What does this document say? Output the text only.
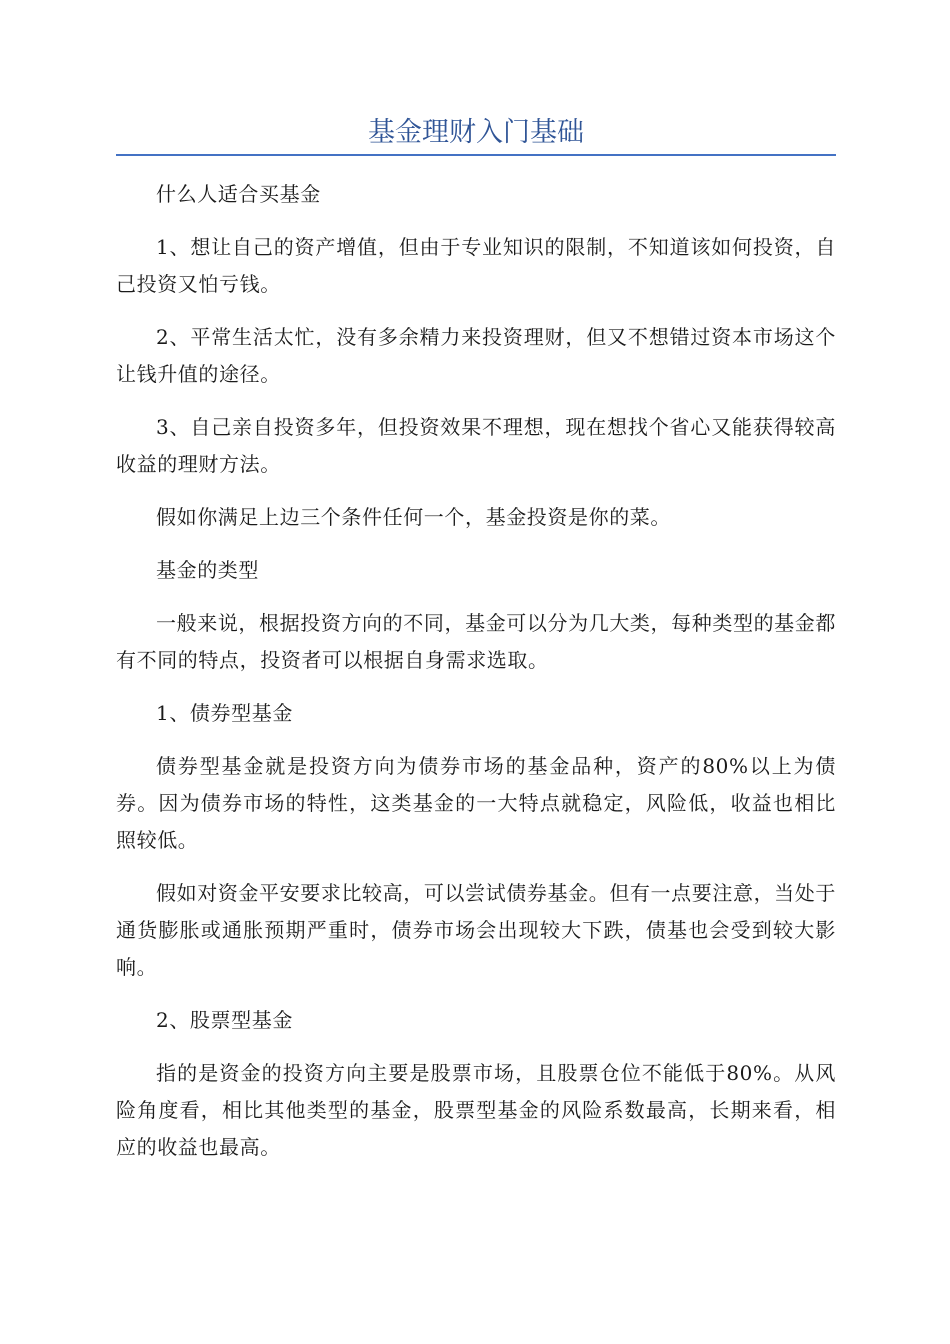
基金理财入门基础

什么人适合买基金

1、想让自己的资产增值，但由于专业知识的限制，不知道该如何投资，自己投资又怕亏钱。

2、平常生活太忙，没有多余精力来投资理财，但又不想错过资本市场这个让钱升值的途径。

3、自己亲自投资多年，但投资效果不理想，现在想找个省心又能获得较高收益的理财方法。

假如你满足上边三个条件任何一个，基金投资是你的菜。

基金的类型

一般来说，根据投资方向的不同，基金可以分为几大类，每种类型的基金都有不同的特点，投资者可以根据自身需求选取。

1、债券型基金

债券型基金就是投资方向为债券市场的基金品种，资产的80%以上为债券。因为债券市场的特性，这类基金的一大特点就稳定，风险低，收益也相比照较低。

假如对资金平安要求比较高，可以尝试债券基金。但有一点要注意，当处于通货膨胀或通胀预期严重时，债券市场会出现较大下跌，债基也会受到较大影响。

2、股票型基金

指的是资金的投资方向主要是股票市场，且股票仓位不能低于80%。从风险角度看，相比其他类型的基金，股票型基金的风险系数最高，长期来看，相应的收益也最高。
